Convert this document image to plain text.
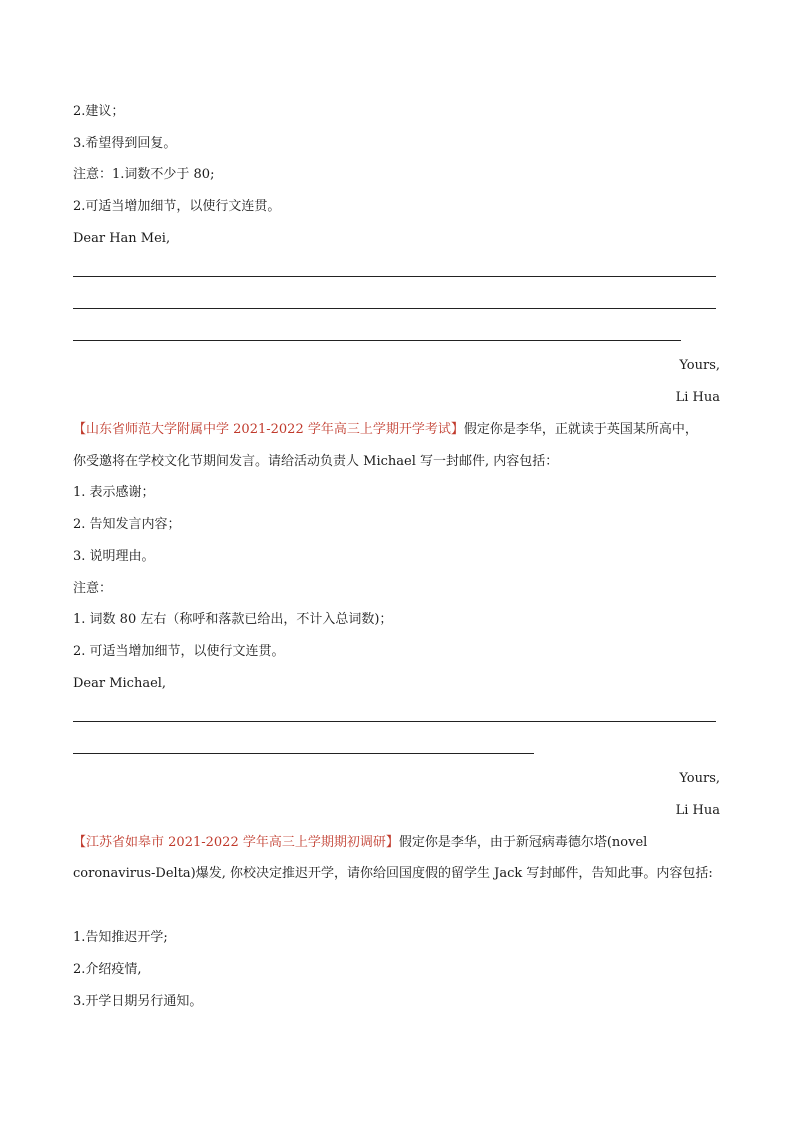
2.建议；
3.希望得到回复。
注意：1.词数不少于 80;
2.可适当增加细节，以使行文连贯。
Dear Han Mei,
Yours,
Li Hua
【山东省师范大学附属中学 2021-2022 学年高三上学期开学考试】假定你是李华，正就读于英国某所高中，
你受邀将在学校文化节期间发言。请给活动负责人 Michael 写一封邮件, 内容包括：
1. 表示感谢；
2. 告知发言内容；
3. 说明理由。
注意：
1. 词数 80 左右（称呼和落款已给出，不计入总词数)；
2. 可适当增加细节，以使行文连贯。
Dear Michael,
Yours,
Li Hua
【江苏省如皋市 2021-2022 学年高三上学期期初调研】假定你是李华，由于新冠病毒德尔塔(novel
coronavirus-Delta)爆发, 你校决定推迟开学，请你给回国度假的留学生 Jack 写封邮件，告知此事。内容包括:
1.告知推迟开学;
2.介绍疫情,
3.开学日期另行通知。
